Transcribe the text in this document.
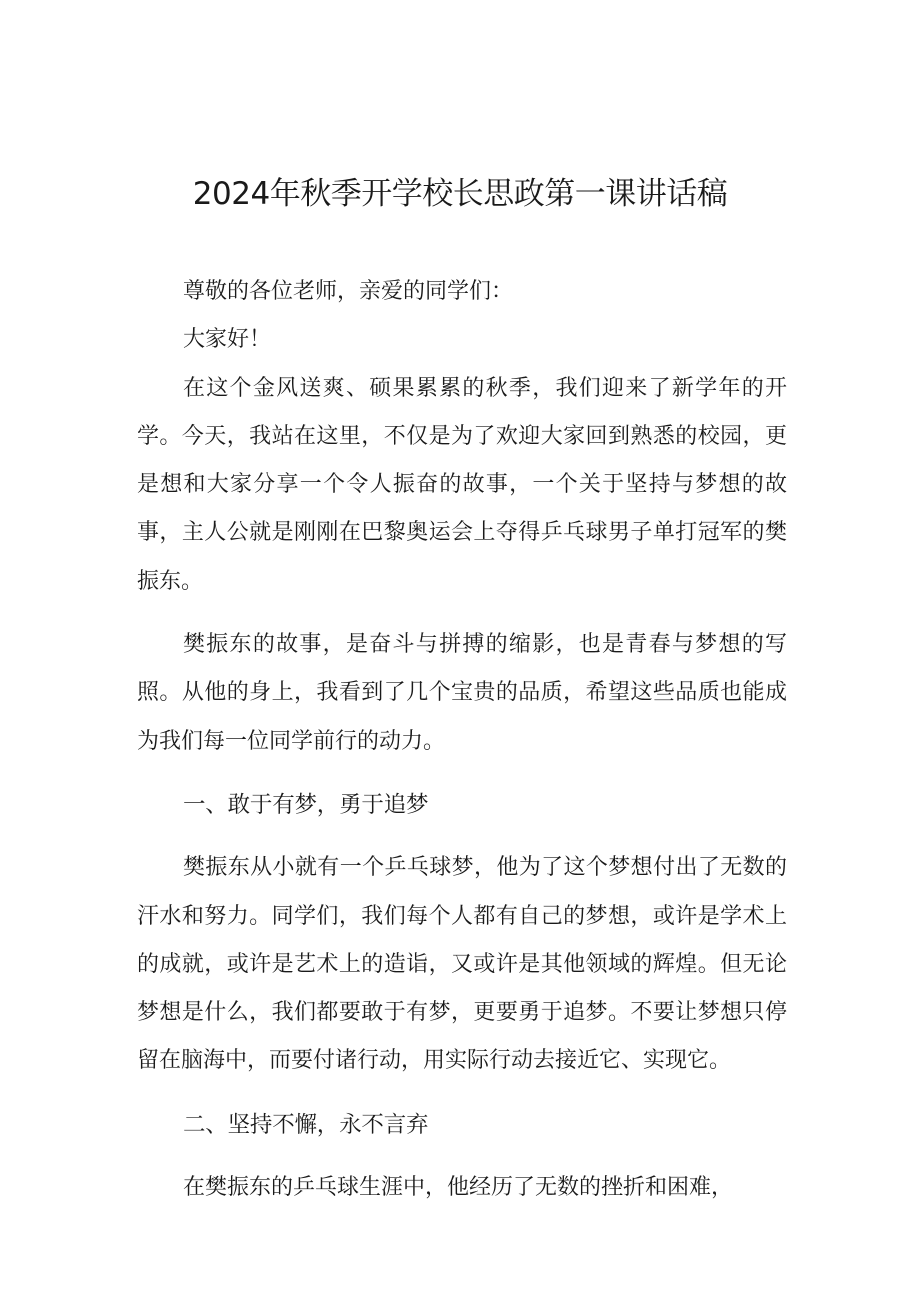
2024年秋季开学校长思政第一课讲话稿

尊敬的各位老师，亲爱的同学们：

大家好！

在这个金风送爽、硕果累累的秋季，我们迎来了新学年的开学。今天，我站在这里，不仅是为了欢迎大家回到熟悉的校园，更是想和大家分享一个令人振奋的故事，一个关于坚持与梦想的故事，主人公就是刚刚在巴黎奥运会上夺得乒乓球男子单打冠军的樊振东。

樊振东的故事，是奋斗与拼搏的缩影，也是青春与梦想的写照。从他的身上，我看到了几个宝贵的品质，希望这些品质也能成为我们每一位同学前行的动力。

一、敢于有梦，勇于追梦

樊振东从小就有一个乒乓球梦，他为了这个梦想付出了无数的汗水和努力。同学们，我们每个人都有自己的梦想，或许是学术上的成就，或许是艺术上的造诣，又或许是其他领域的辉煌。但无论梦想是什么，我们都要敢于有梦，更要勇于追梦。不要让梦想只停留在脑海中，而要付诸行动，用实际行动去接近它、实现它。

二、坚持不懈，永不言弃

在樊振东的乒乓球生涯中，他经历了无数的挫折和困难，
